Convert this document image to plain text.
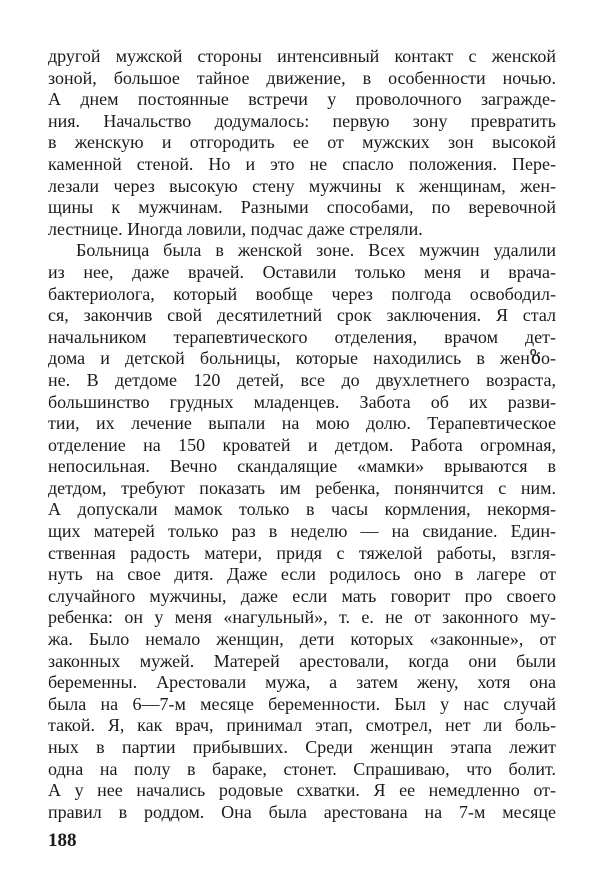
другой мужской стороны интенсивный контакт с женской
зоной, большое тайное движение, в особенности ночью.
А днем постоянные встречи у проволочного загражде-
ния. Начальство додумалось: первую зону превратить
в женскую и отгородить ее от мужских зон высокой
каменной стеной. Но и это не спасло положения. Пере-
лезали через высокую стену мужчины к женщинам, жен-
щины к мужчинам. Разными способами, по веревочной
лестнице. Иногда ловили, подчас даже стреляли.
Больница была в женской зоне. Всех мужчин удалили
из нее, даже врачей. Оставили только меня и врача-
бактериолога, который вообще через полгода освободил-
ся, закончив свой десятилетний срок заключения. Я стал
начальником терапевтического отделения, врачом дет-
дома и детской больницы, которые находились в женზо-
не. В детдоме 120 детей, все до двухлетнего возраста,
большинство грудных младенцев. Забота об их разви-
тии, их лечение выпали на мою долю. Терапевтическое
отделение на 150 кроватей и детдом. Работа огромная,
непосильная. Вечно скандалящие «мамки» врываются в
детдом, требуют показать им ребенка, понянчится с ним.
А допускали мамок только в часы кормления, некормя-
щих матерей только раз в неделю — на свидание. Един-
ственная радость матери, придя с тяжелой работы, взгля-
нуть на свое дитя. Даже если родилось оно в лагере от
случайного мужчины, даже если мать говорит про своего
ребенка: он у меня «нагульный», т. е. не от законного му-
жа. Было немало женщин, дети которых «законные», от
законных мужей. Матерей арестовали, когда они были
беременны. Арестовали мужа, а затем жену, хотя она
была на 6—7-м месяце беременности. Был у нас случай
такой. Я, как врач, принимал этап, смотрел, нет ли боль-
ных в партии прибывших. Среди женщин этапа лежит
одна на полу в бараке, стонет. Спрашиваю, что болит.
А у нее начались родовые схватки. Я ее немедленно от-
правил в роддом. Она была арестована на 7-м месяце
188
